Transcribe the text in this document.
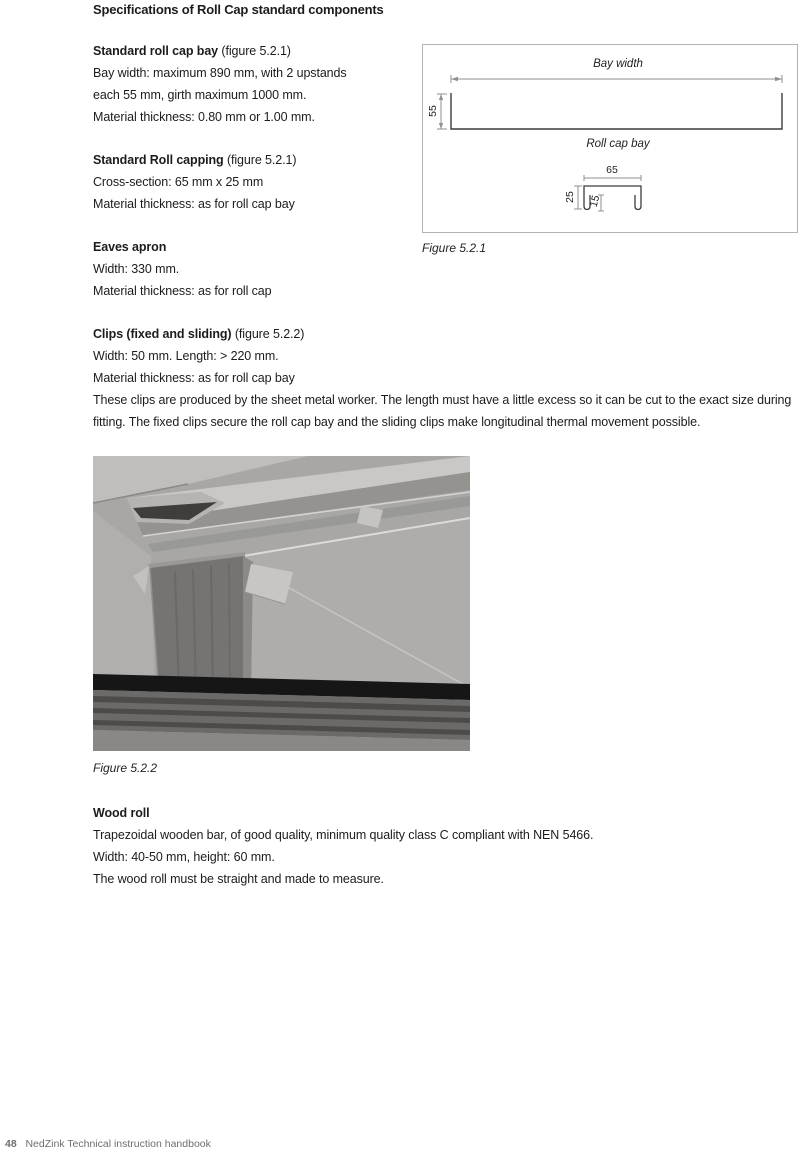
Specifications of Roll Cap standard components
Standard roll cap bay (figure 5.2.1)
Bay width: maximum 890 mm, with 2 upstands
each 55 mm, girth maximum 1000 mm.
Material thickness: 0.80 mm or 1.00 mm.
Standard Roll capping (figure 5.2.1)
Cross-section: 65 mm x 25 mm
Material thickness: as for roll cap bay
Eaves apron
Width: 330 mm.
Material thickness: as for roll cap
Clips (fixed and sliding) (figure 5.2.2)
Width: 50 mm. Length: > 220 mm.
Material thickness: as for roll cap bay
These clips are produced by the sheet metal worker. The length must have a little excess so it can be cut to the exact size during fitting. The fixed clips secure the roll cap bay and the sliding clips make longitudinal thermal movement possible.
Bay width
55
Roll cap bay
65
25 15
Figure 5.2.1
Figure 5.2.2
Wood roll
Trapezoidal wooden bar, of good quality, minimum quality class C compliant with NEN 5466.
Width: 40-50 mm, height: 60 mm.
The wood roll must be straight and made to measure.
48 NedZink Technical instruction handbook
